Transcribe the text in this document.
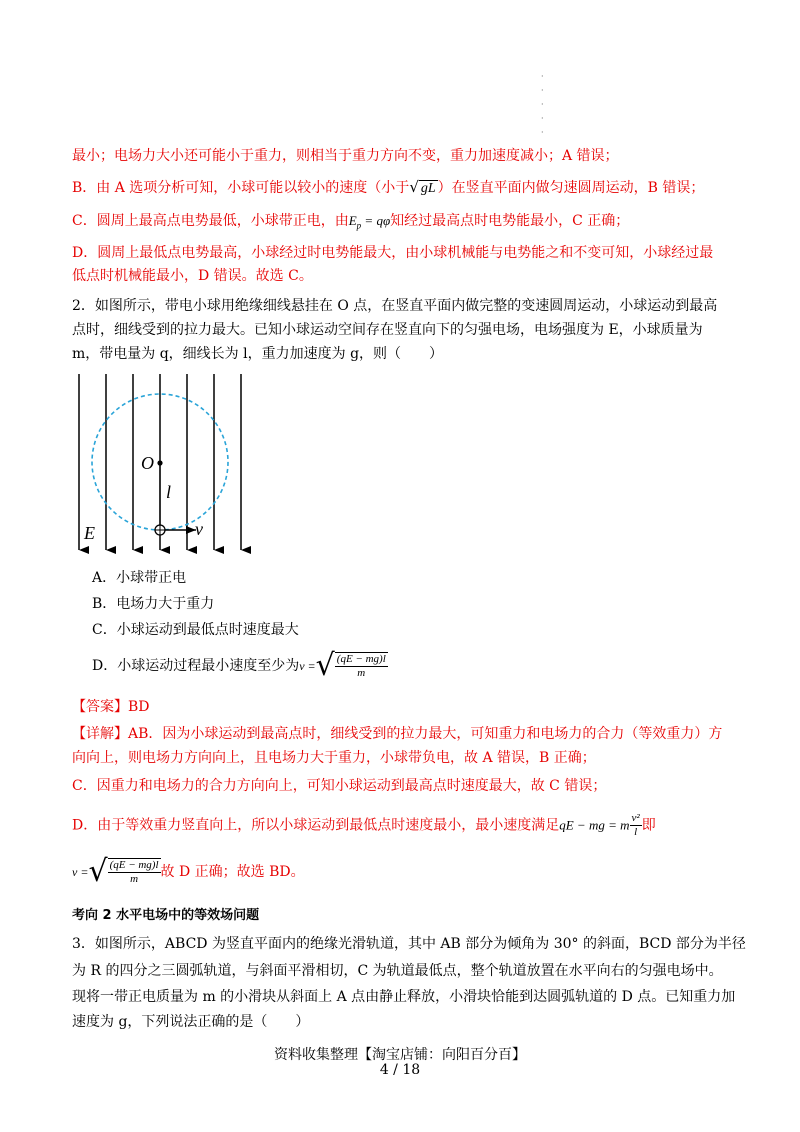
·
·
·
·
·
最小；电场力大小还可能小于重力，则相当于重力方向不变，重力加速度减小；A 错误；
B．由 A 选项分析可知，小球可能以较小的速度（小于√ gL ）在竖直平面内做匀速圆周运动，B 错误；
C．圆周上最高点电势最低，小球带正电，由$E_p = q\varphi$知经过最高点时电势能最小，C 正确；
D．圆周上最低点电势最高，小球经过时电势能最大，由小球机械能与电势能之和不变可知，小球经过最
低点时机械能最小，D 错误。故选 C。
2．如图所示，带电小球用绝缘细线悬挂在 O 点，在竖直平面内做完整的变速圆周运动，小球运动到最高
点时，细线受到的拉力最大。已知小球运动空间存在竖直向下的匀强电场，电场强度为 E，小球质量为
m，带电量为 q，细线长为 l，重力加速度为 g，则（　　）
O
l
E	v
A．小球带正电
B．电场力大于重力
C．小球运动到最低点时速度最大
D．小球运动过程最小速度至少为v =√ $\frac{(qE - mg)l}{m}$
【答案】BD
【详解】AB．因为小球运动到最高点时，细线受到的拉力最大，可知重力和电场力的合力（等效重力）方
向向上，则电场力方向向上，且电场力大于重力，小球带负电，故 A 错误，B 正确；
C．因重力和电场力的合力方向向上，可知小球运动到最高点时速度最大，故 C 错误；
D．由于等效重力竖直向上，所以小球运动到最低点时速度最小，最小速度满足qE − mg = m $\frac{\text{v²}}{l}$ 即
v =√ $\frac{(qE - mg)l}{m}$ 故 D 正确；故选 BD。
考向 2 水平电场中的等效场问题
3．如图所示，ABCD 为竖直平面内的绝缘光滑轨道，其中 AB 部分为倾角为 30° 的斜面，BCD 部分为半径
为 R 的四分之三圆弧轨道，与斜面平滑相切，C 为轨道最低点，整个轨道放置在水平向右的匀强电场中。
现将一带正电质量为 m 的小滑块从斜面上 A 点由静止释放，小滑块恰能到达圆弧轨道的 D 点。已知重力加
速度为 g，下列说法正确的是（　　）
资料收集整理【淘宝店铺：向阳百分百】
4 / 18
